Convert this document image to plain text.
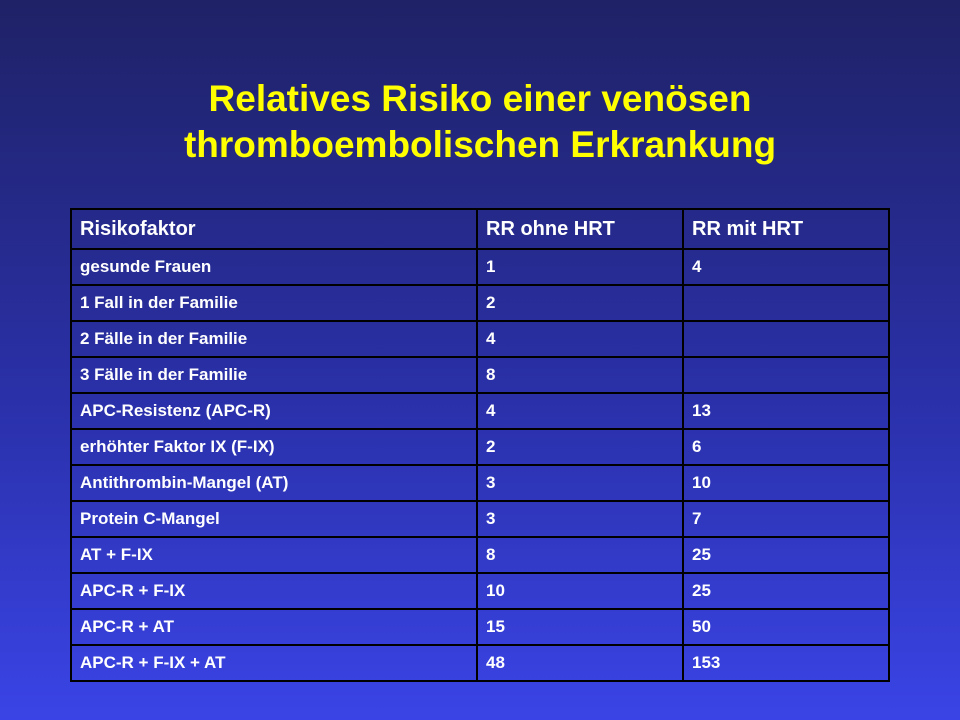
Relatives Risiko einer venösen
thromboembolischen Erkrankung
Risikofaktor	RR ohne HRT	RR mit HRT
gesunde Frauen	1	4
1 Fall in der Familie	2	
2 Fälle in der Familie	4	
3 Fälle in der Familie	8	
APC-Resistenz (APC-R)	4	13
erhöhter Faktor IX (F-IX)	2	6
Antithrombin-Mangel (AT)	3	10
Protein C-Mangel	3	7
AT + F-IX	8	25
APC-R + F-IX	10	25
APC-R + AT	15	50
APC-R + F-IX + AT	48	153
